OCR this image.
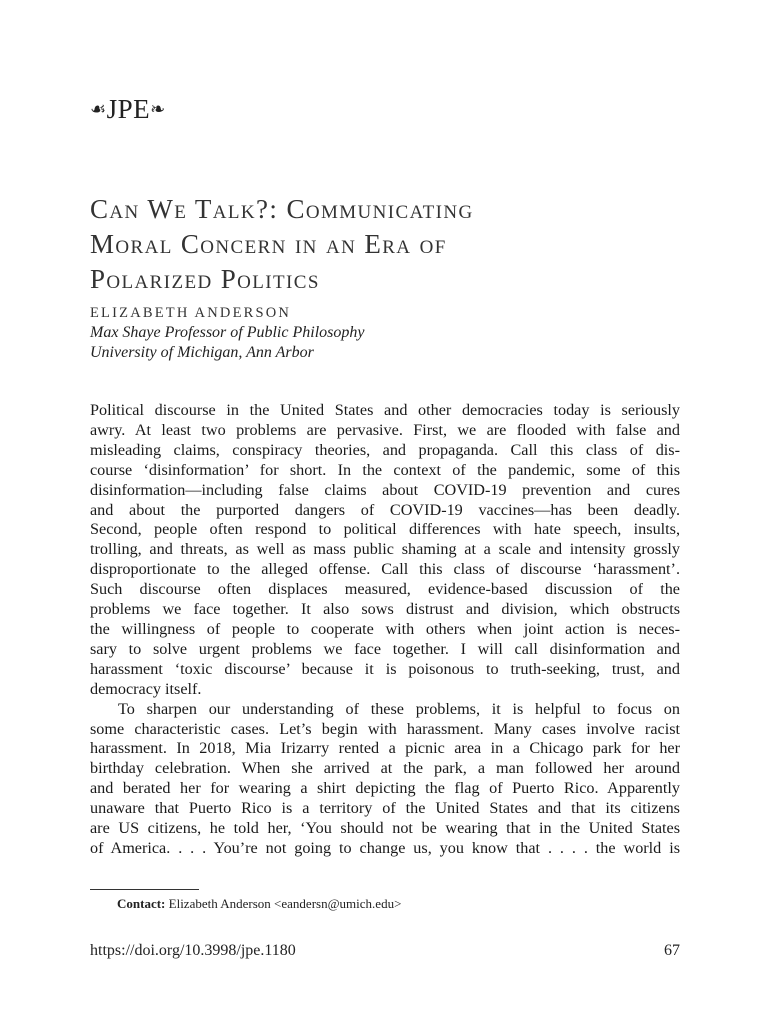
☙JPE❧
Can We Talk?: Communicating
Moral Concern in an Era of
Polarized Politics
ELIZABETH ANDERSON
Max Shaye Professor of Public Philosophy
University of Michigan, Ann Arbor
Political discourse in the United States and other democracies today is seriously
awry. At least two problems are pervasive. First, we are flooded with false and
misleading claims, conspiracy theories, and propaganda. Call this class of dis-
course ‘disinformation’ for short. In the context of the pandemic, some of this
disinformation—including false claims about COVID-19 prevention and cures
and about the purported dangers of COVID-19 vaccines—has been deadly.
Second, people often respond to political differences with hate speech, insults,
trolling, and threats, as well as mass public shaming at a scale and intensity grossly
disproportionate to the alleged offense. Call this class of discourse ‘harassment’.
Such discourse often displaces measured, evidence-based discussion of the
problems we face together. It also sows distrust and division, which obstructs
the willingness of people to cooperate with others when joint action is neces-
sary to solve urgent problems we face together. I will call disinformation and
harassment ‘toxic discourse’ because it is poisonous to truth-seeking, trust, and
democracy itself.
To sharpen our understanding of these problems, it is helpful to focus on
some characteristic cases. Let’s begin with harassment. Many cases involve racist
harassment. In 2018, Mia Irizarry rented a picnic area in a Chicago park for her
birthday celebration. When she arrived at the park, a man followed her around
and berated her for wearing a shirt depicting the flag of Puerto Rico. Apparently
unaware that Puerto Rico is a territory of the United States and that its citizens
are US citizens, he told her, ‘You should not be wearing that in the United States
of America. . . . You’re not going to change us, you know that . . . . the world is
Contact: Elizabeth Anderson <eandersn@umich.edu>
https://doi.org/10.3998/jpe.1180	67
